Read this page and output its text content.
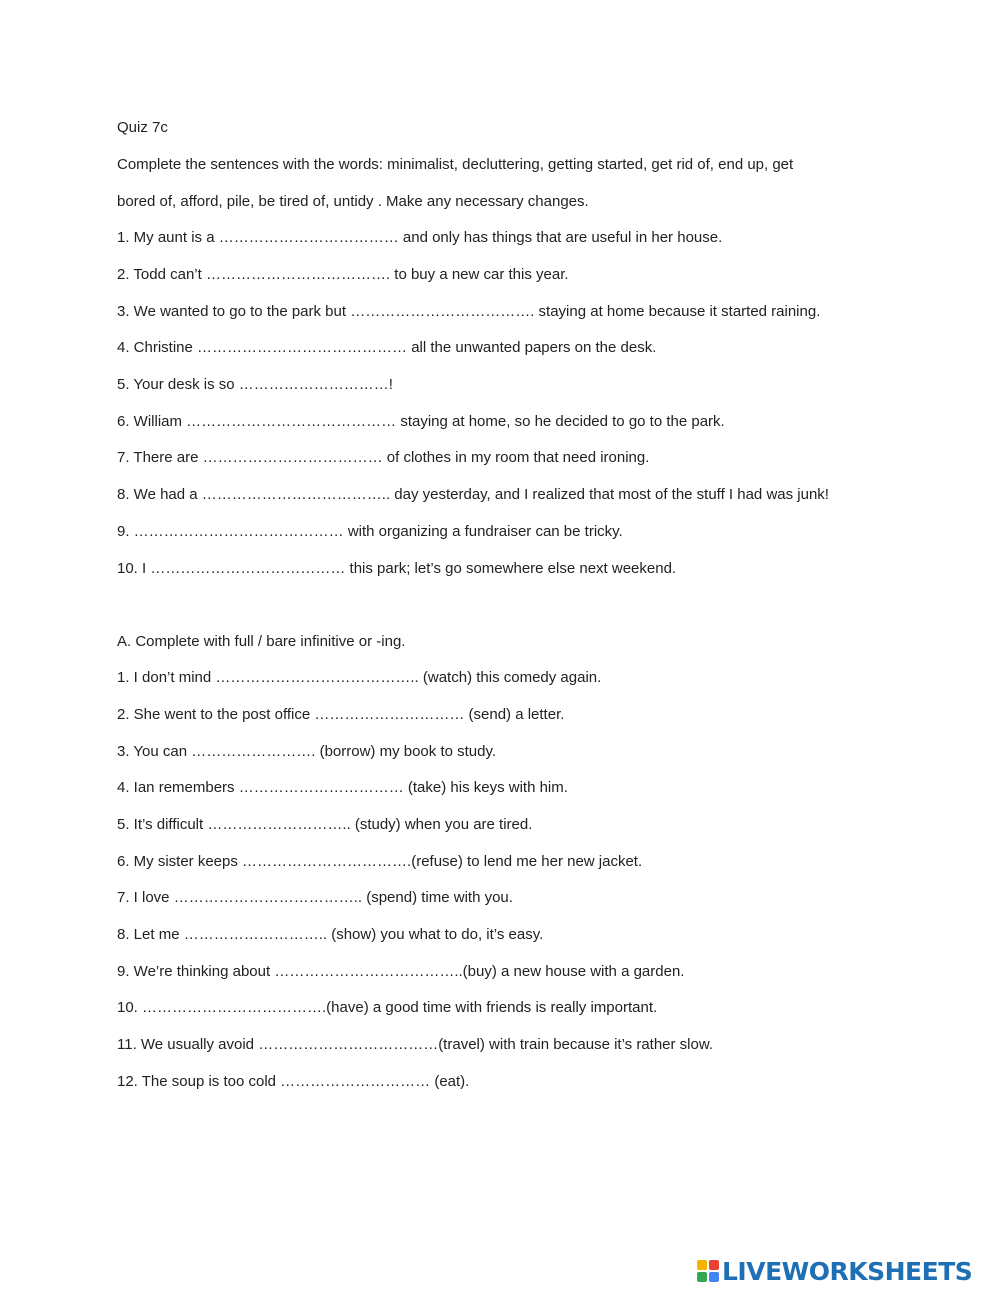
Quiz 7c
Complete the sentences with the words: minimalist, decluttering, getting started, get rid of, end up, get
bored of, afford, pile, be tired of, untidy . Make any necessary changes.
1. My aunt is a ……………………………… and only has things that are useful in her house.
2. Todd can’t ………………………………. to buy a new car this year.
3. We wanted to go to the park but ………………………………. staying at home because it started raining.
4. Christine …………………………………… all the unwanted papers on the desk.
5. Your desk is so …………………………!
6. William …………………………………… staying at home, so he decided to go to the park.
7. There are ……………………………… of clothes in my room that need ironing.
8. We had a ……………………………….. day yesterday, and I realized that most of the stuff I had was junk!
9. …………………………………… with organizing a fundraiser can be tricky.
10. I ………………………………… this park; let’s go somewhere else next weekend.
A. Complete with full / bare infinitive or -ing.
1. I don’t mind ………………………………….. (watch) this comedy again.
2. She went to the post office ………………………… (send) a letter.
3. You can ……………………. (borrow) my book to study.
4. Ian remembers …………………………… (take) his keys with him.
5. It’s difficult ……………………….. (study) when you are tired.
6. My sister keeps …………………………….(refuse) to lend me her new jacket.
7. I love ……………………………….. (spend) time with you.
8. Let me ……………………….. (show) you what to do, it’s easy.
9. We’re thinking about ………………………………..(buy) a new house with a garden.
10. ……………………………….(have) a good time with friends is really important.
11. We usually avoid ………………………………(travel) with train because it’s rather slow.
12. The soup is too cold ………………………… (eat).
LIVEWORKSHEETS
